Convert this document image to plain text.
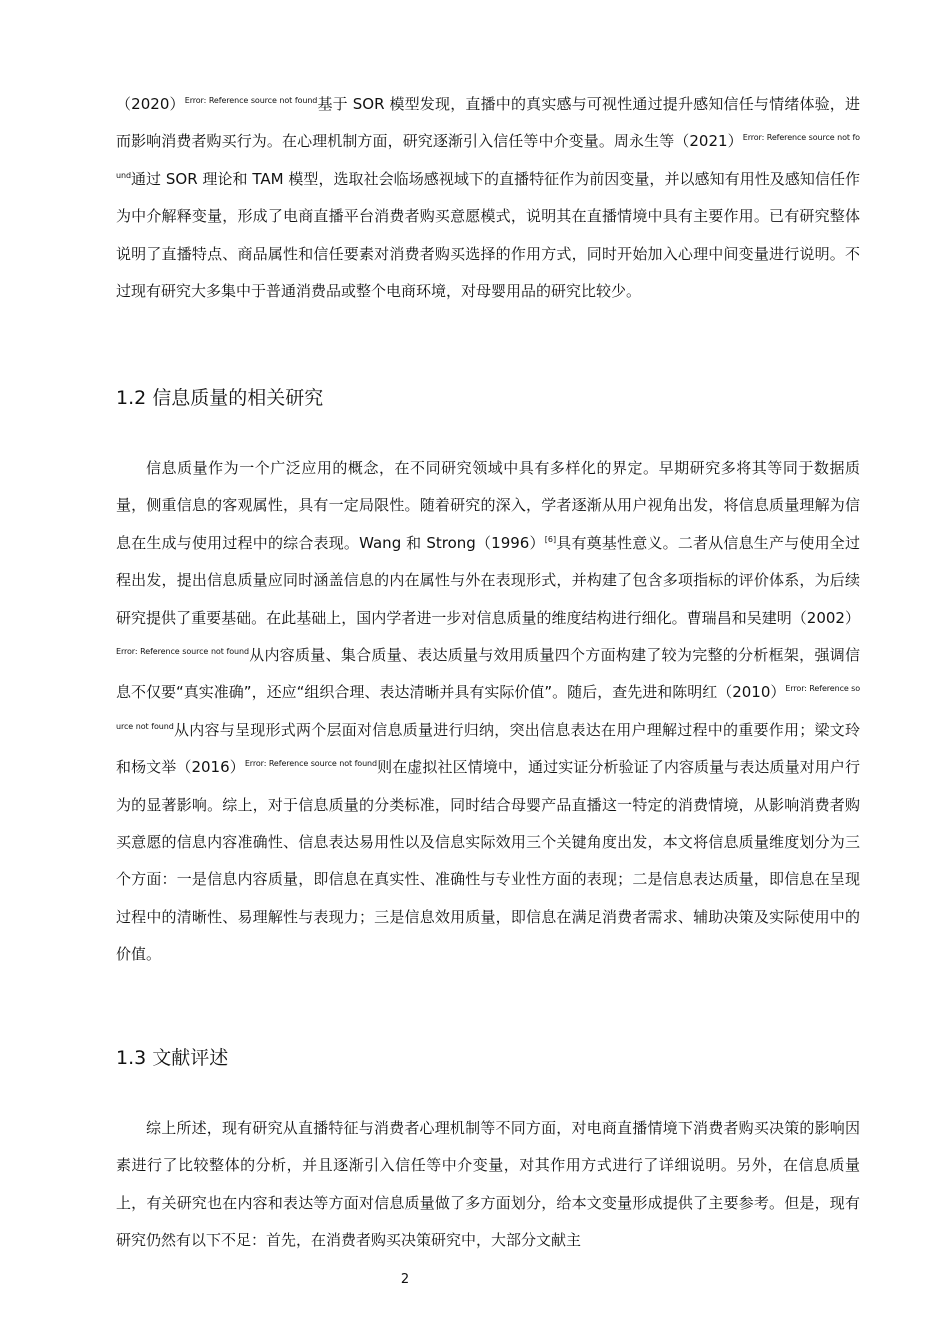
$(2020)^{Error: Reference source not found}$基于 SOR 模型发现，直播中的真实感与可视性通过提升感知信任与情绪体验，进而影响消费者购买行为。在心理机制方面，研究逐渐引入信任等中介变量。周永生等$(2021)^{Error: Reference source not found}$通过 SOR 理论和 TAM 模型，选取社会临场感视域下的直播特征作为前因变量，并以感知有用性及感知信任作为中介解释变量，形成了电商直播平台消费者购买意愿模式，说明其在直播情境中具有主要作用。已有研究整体说明了直播特点、商品属性和信任要素对消费者购买选择的作用方式，同时开始加入心理中间变量进行说明。不过现有研究大多集中于普通消费品或整个电商环境，对母婴用品的研究比较少。

1.2 信息质量的相关研究

信息质量作为一个广泛应用的概念，在不同研究领域中具有多样化的界定。早期研究多将其等同于数据质量，侧重信息的客观属性，具有一定局限性。随着研究的深入，学者逐渐从用户视角出发，将信息质量理解为信息在生成与使用过程中的综合表现。Wang 和 Strong（1996）[6]具有奠基性意义。二者从信息生产与使用全过程出发，提出信息质量应同时涵盖信息的内在属性与外在表现形式，并构建了包含多项指标的评价体系，为后续研究提供了重要基础。在此基础上，国内学者进一步对信息质量的维度结构进行细化。曹瑞昌和吴建明$(2002)^{Error: Reference source not found}$从内容质量、集合质量、表达质量与效用质量四个方面构建了较为完整的分析框架，强调信息不仅要“真实准确”，还应“组织合理、表达清晰并具有实际价值”。随后，查先进和陈明红$(2010)^{Error: Reference source not found}$从内容与呈现形式两个层面对信息质量进行归纳，突出信息表达在用户理解过程中的重要作用；梁文玲和杨文举$(2016)^{Error: Reference source not found}$则在虚拟社区情境中，通过实证分析验证了内容质量与表达质量对用户行为的显著影响。综上，对于信息质量的分类标准，同时结合母婴产品直播这一特定的消费情境，从影响消费者购买意愿的信息内容准确性、信息表达易用性以及信息实际效用三个关键角度出发，本文将信息质量维度划分为三个方面：一是信息内容质量，即信息在真实性、准确性与专业性方面的表现；二是信息表达质量，即信息在呈现过程中的清晰性、易理解性与表现力；三是信息效用质量，即信息在满足消费者需求、辅助决策及实际使用中的价值。

1.3 文献评述

综上所述，现有研究从直播特征与消费者心理机制等不同方面，对电商直播情境下消费者购买决策的影响因素进行了比较整体的分析，并且逐渐引入信任等中介变量，对其作用方式进行了详细说明。另外，在信息质量上，有关研究也在内容和表达等方面对信息质量做了多方面划分，给本文变量形成提供了主要参考。但是，现有研究仍然有以下不足：首先，在消费者购买决策研究中，大部分文献主

2
